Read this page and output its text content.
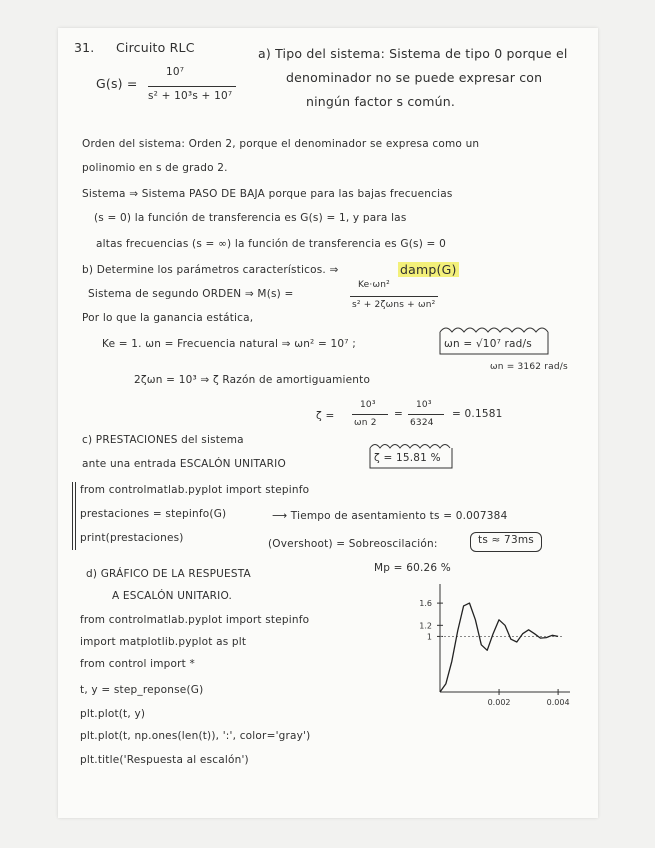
31. Circuito RLC
G(s) =
10⁷
s² + 10³s + 10⁷
a) Tipo del sistema: Sistema de tipo 0 porque el
denominador no se puede expresar con
ningún factor s común.
Orden del sistema: Orden 2, porque el denominador se expresa como un
polinomio en s de grado 2.
Sistema ⇒ Sistema PASO DE BAJA porque para las bajas frecuencias
(s = 0) la función de transferencia es G(s) = 1, y para las
altas frecuencias (s = ∞) la función de transferencia es G(s) = 0
b) Determine los parámetros característicos. ⇒	damp(G)
Sistema de segundo ORDEN ⇒ M(s) =
Ke·ωn²
s² + 2ζωns + ωn²
Por lo que la ganancia estática,
Ke = 1. ωn = Frecuencia natural ⇒ ωn² = 10⁷ ;	ωn = √10⁷ rad/s
ωn = 3162 rad/s
2ζωn = 10³ ⇒ ζ Razón de amortiguamiento
ζ =
10³
ωn 2
=
10³
6324
= 0.1581
c) PRESTACIONES del sistema
ante una entrada ESCALÓN UNITARIO	ζ = 15.81 %
from controlmatlab.pyplot import stepinfo
prestaciones = stepinfo(G)
print(prestaciones)
⟶ Tiempo de asentamiento ts = 0.007384
ts ≈ 73ms
(Overshoot) = Sobreoscilación:
Mp = 60.26 %
d) GRÁFICO DE LA RESPUESTA
A ESCALÓN UNITARIO.
from controlmatlab.pyplot import stepinfo
import matplotlib.pyplot as plt
from control import *
t, y = step_reponse(G)
plt.plot(t, y)
plt.plot(t, np.ones(len(t)), ':', color='gray')
plt.title('Respuesta al escalón')
1.6
1.2
1
0.002	0.004
